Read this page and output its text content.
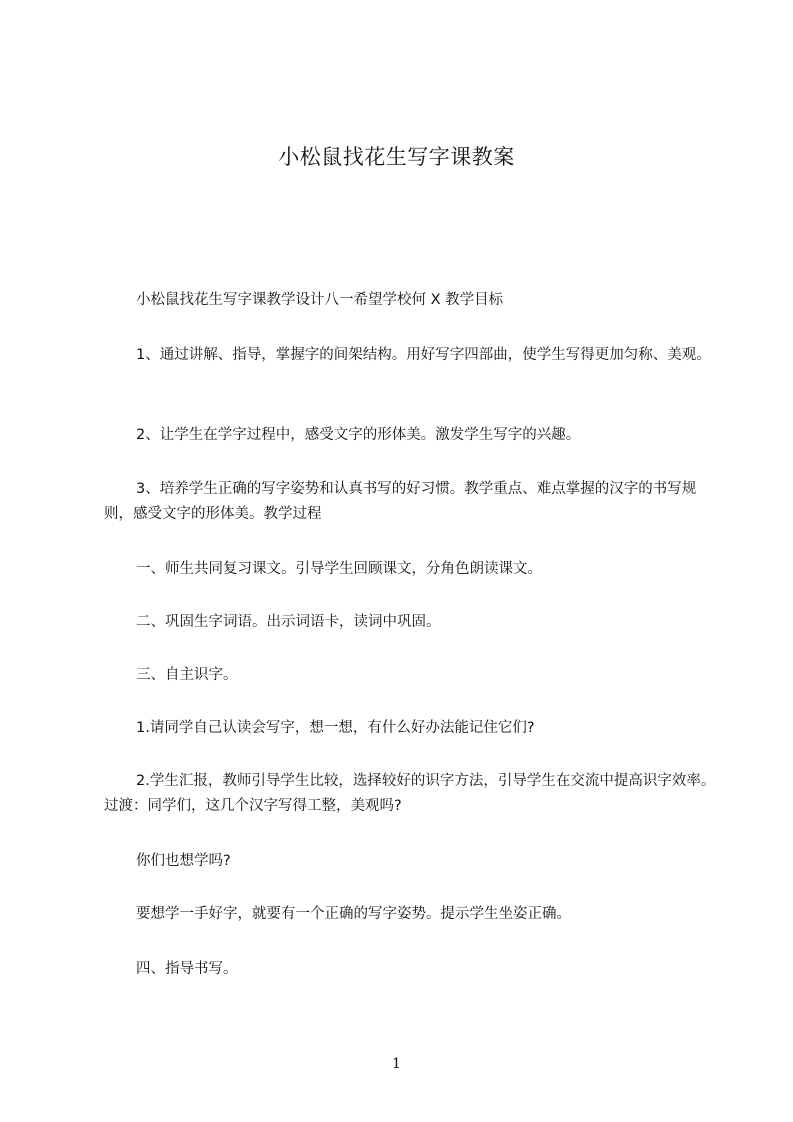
小松鼠找花生写字课教案

小松鼠找花生写字课教学设计八一希望学校何 X 教学目标

1、通过讲解、指导，掌握字的间架结构。用好写字四部曲，使学生写得更加匀称、美观。

2、让学生在学字过程中，感受文字的形体美。激发学生写字的兴趣。

3、培养学生正确的写字姿势和认真书写的好习惯。教学重点、难点掌握的汉字的书写规则，感受文字的形体美。教学过程

一、师生共同复习课文。引导学生回顾课文，分角色朗读课文。

二、巩固生字词语。出示词语卡，读词中巩固。

三、自主识字。

1.请同学自己认读会写字，想一想，有什么好办法能记住它们?

2.学生汇报，教师引导学生比较，选择较好的识字方法，引导学生在交流中提高识字效率。过渡：同学们，这几个汉字写得工整，美观吗?

你们也想学吗?

要想学一手好字，就要有一个正确的写字姿势。提示学生坐姿正确。

四、指导书写。

1
